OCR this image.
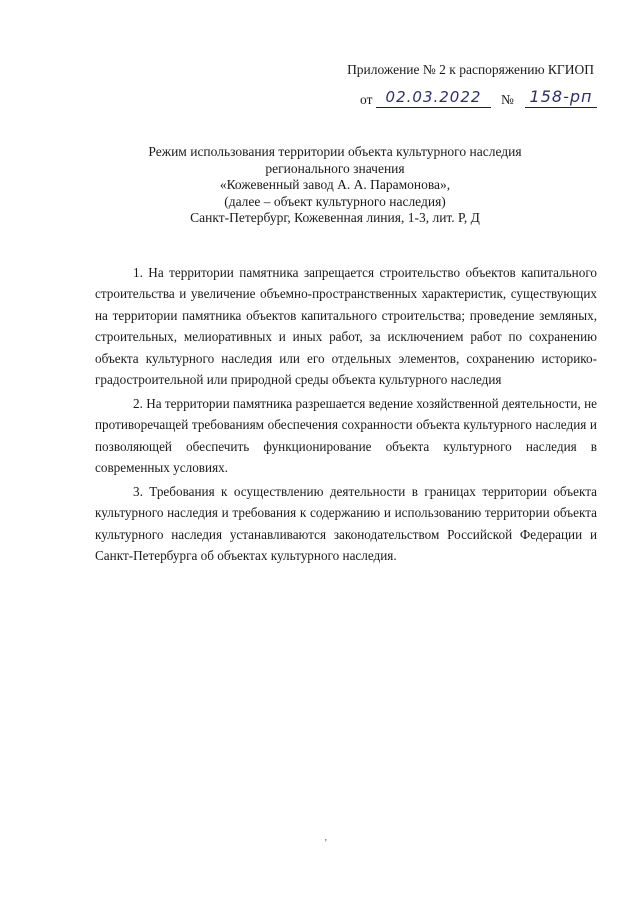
Приложение № 2 к распоряжению КГИОП
от 02.03.2022	№ 158-рп
Режим использования территории объекта культурного наследия
регионального значения
«Кожевенный завод А. А. Парамонова»,
(далее – объект культурного наследия)
Санкт-Петербург, Кожевенная линия, 1-3, лит. Р, Д

1. На территории памятника запрещается строительство объектов капитального строительства и увеличение объемно-пространственных характеристик, существующих на территории памятника объектов капитального строительства; проведение земляных, строительных, мелиоративных и иных работ, за исключением работ по сохранению объекта культурного наследия или его отдельных элементов, сохранению историко-градостроительной или природной среды объекта культурного наследия

2. На территории памятника разрешается ведение хозяйственной деятельности, не противоречащей требованиям обеспечения сохранности объекта культурного наследия и позволяющей обеспечить функционирование объекта культурного наследия в современных условиях.

3. Требования к осуществлению деятельности в границах территории объекта культурного наследия и требования к содержанию и использованию территории объекта культурного наследия устанавливаются законодательством Российской Федерации и Санкт-Петербурга об объектах культурного наследия.

'
